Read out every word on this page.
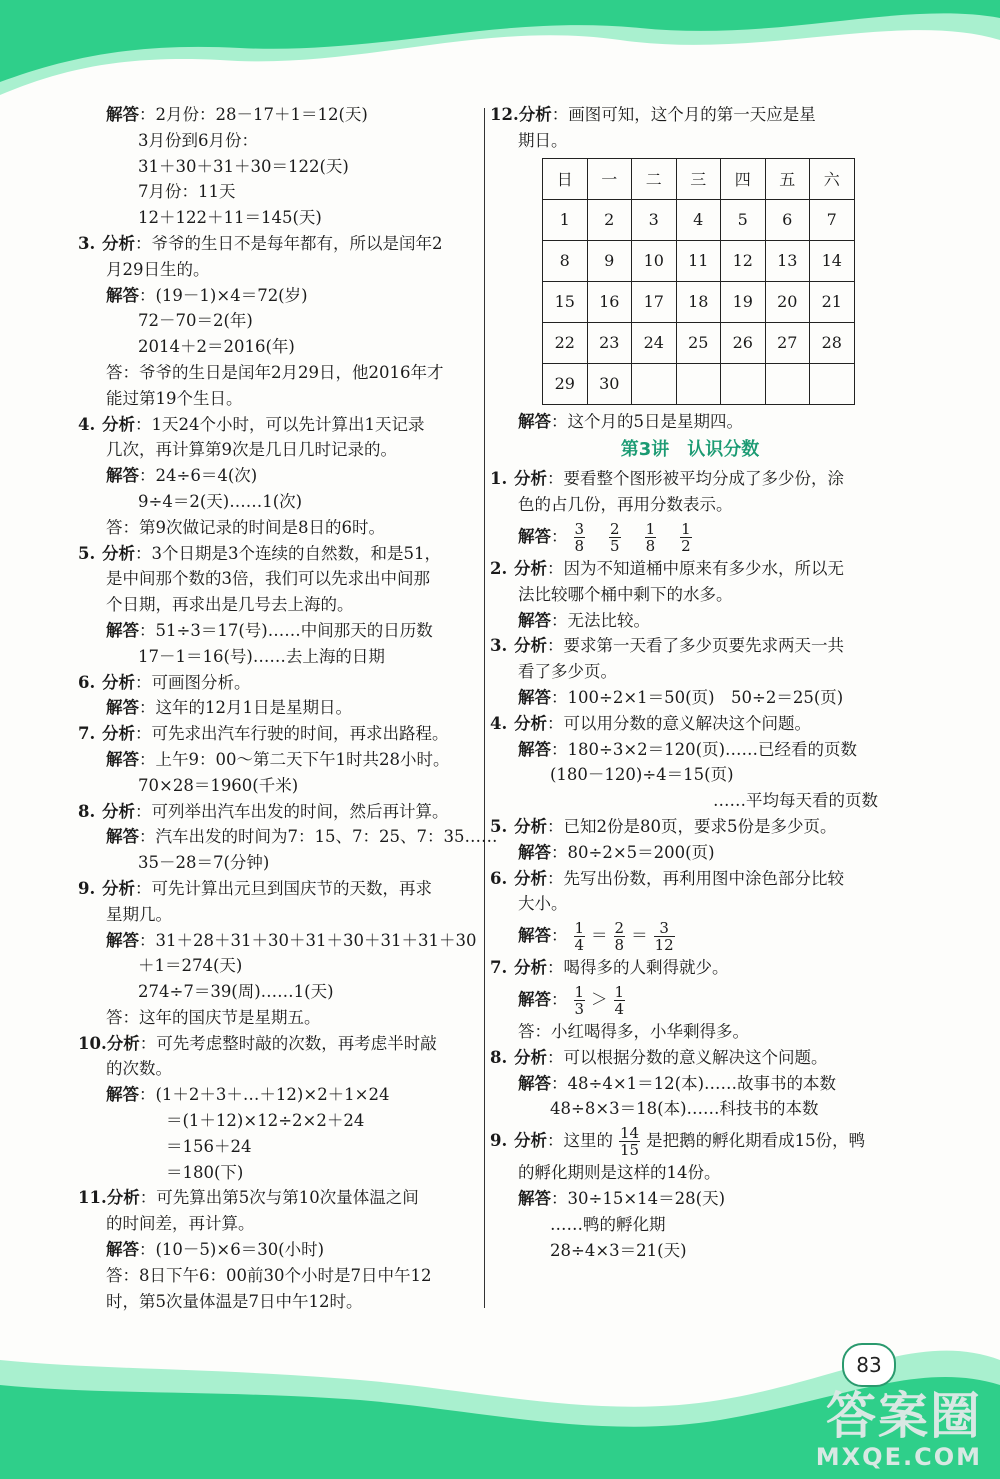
解答：2月份：28－17＋1＝12(天)
3月份到6月份：
31＋30＋31＋30＝122(天)
7月份：11天
12＋122＋11＝145(天)
3. 分析：爷爷的生日不是每年都有，所以是闰年2
月29日生的。
解答：(19－1)×4＝72(岁)
72－70＝2(年)
2014＋2＝2016(年)
答：爷爷的生日是闰年2月29日，他2016年才
能过第19个生日。
4. 分析：1天24个小时，可以先计算出1天记录
几次，再计算第9次是几日几时记录的。
解答：24÷6＝4(次)
9÷4＝2(天)……1(次)
答：第9次做记录的时间是8日的6时。
5. 分析：3个日期是3个连续的自然数，和是51，
是中间那个数的3倍，我们可以先求出中间那
个日期，再求出是几号去上海的。
解答：51÷3＝17(号)……中间那天的日历数
17－1＝16(号)……去上海的日期
6. 分析：可画图分析。
解答：这年的12月1日是星期日。
7. 分析：可先求出汽车行驶的时间，再求出路程。
解答：上午9：00～第二天下午1时共28小时。
70×28＝1960(千米)
8. 分析：可列举出汽车出发的时间，然后再计算。
解答：汽车出发的时间为7：15、7：25、7：35……
35－28＝7(分钟)
9. 分析：可先计算出元旦到国庆节的天数，再求
星期几。
解答：31＋28＋31＋30＋31＋30＋31＋31＋30
＋1＝274(天)
274÷7＝39(周)……1(天)
答：这年的国庆节是星期五。
10.分析：可先考虑整时敲的次数，再考虑半时敲
的次数。
解答：(1＋2＋3＋…＋12)×2＋1×24
＝(1＋12)×12÷2×2＋24
＝156＋24
＝180(下)
11.分析：可先算出第5次与第10次量体温之间
的时间差，再计算。
解答：(10－5)×6＝30(小时)
答：8日下午6：00前30个小时是7日中午12
时，第5次量体温是7日中午12时。
12.分析：画图可知，这个月的第一天应是星
期日。
日	一	二	三	四	五	六
1	2	3	4	5	6	7
8	9	10	11	12	13	14
15	16	17	18	19	20	21
22	23	24	25	26	27	28
29	30					
解答：这个月的5日是星期四。
第3讲　认识分数
1. 分析：要看整个图形被平均分成了多少份，涂
色的占几份，再用分数表示。
解答： $\frac{3}{8} \frac{2}{5} \frac{1}{8} \frac{1}{2}$
2. 分析：因为不知道桶中原来有多少水，所以无
法比较哪个桶中剩下的水多。
解答：无法比较。
3. 分析：要求第一天看了多少页要先求两天一共
看了多少页。
解答：100÷2×1＝50(页)　50÷2＝25(页)
4. 分析：可以用分数的意义解决这个问题。
解答：180÷3×2＝120(页)……已经看的页数
(180－120)÷4＝15(页)
……平均每天看的页数
5. 分析：已知2份是80页，要求5份是多少页。
解答：80÷2×5＝200(页)
6. 分析：先写出份数，再利用图中涂色部分比较
大小。
解答： $\frac{1}{4} = \frac{2}{8} = \frac{3}{12}$
7. 分析：喝得多的人剩得就少。
解答： $\frac{1}{3} > \frac{1}{4}$
答：小红喝得多，小华剩得多。
8. 分析：可以根据分数的意义解决这个问题。
解答：48÷4×1＝12(本)……故事书的本数
48÷8×3＝18(本)……科技书的本数
9. 分析：这里的 $\frac{14}{15}$ 是把鹅的孵化期看成15份，鸭
的孵化期则是这样的14份。
解答：30÷15×14＝28(天)
……鸭的孵化期
28÷4×3＝21(天)
83
答案圈
MXQE.COM
